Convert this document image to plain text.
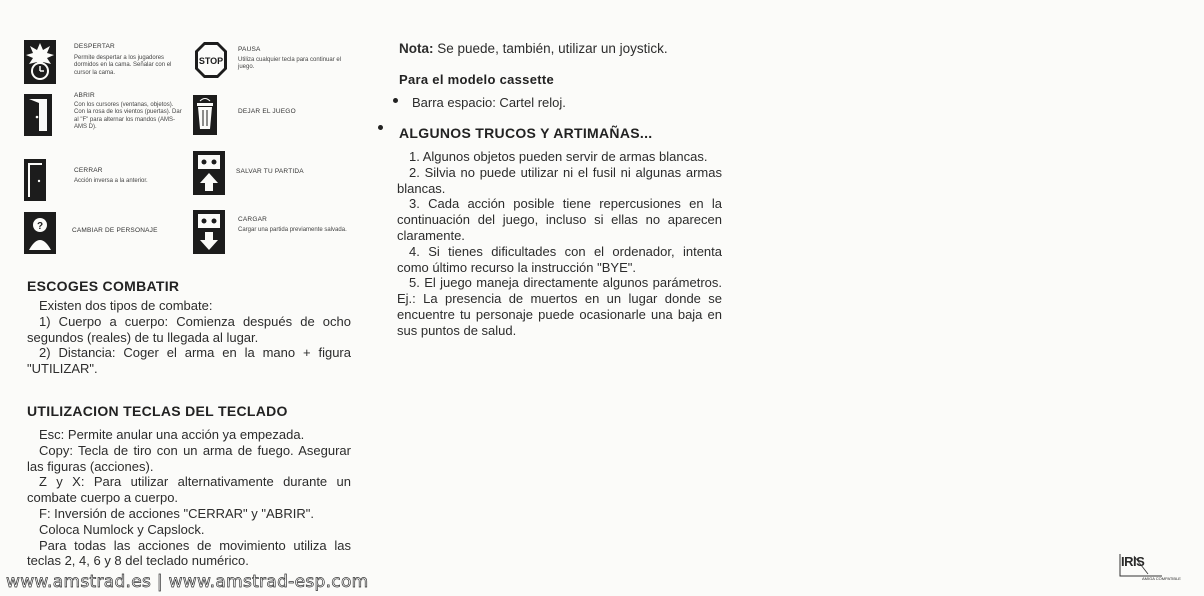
DESPERTAR
Permite despertar a los jugadores dormidos en la cama. Señalar con el cursor la cama.
STOP
PAUSA
Utiliza cualquier tecla para continuar el juego.
ABRIR
Con los cursores (ventanas, objetos). Con la rosa de los vientos (puertas). Dar al "F" para alternar los mandos (AMS-AMS D).
DEJAR EL JUEGO
CERRAR
Acción inversa a la anterior.
SALVAR TU PARTIDA
?	CAMBIAR DE PERSONAJE
CARGAR
Cargar una partida previamente salvada.
ESCOGES COMBATIR
Existen dos tipos de combate:
1) Cuerpo a cuerpo: Comienza después de ocho segundos (reales) de tu llegada al lugar.
2) Distancia: Coger el arma en la mano + figura "UTILIZAR".
UTILIZACION TECLAS DEL TECLADO
Esc: Permite anular una acción ya empezada.
Copy: Tecla de tiro con un arma de fuego. Asegurar las figuras (acciones).
Z y X: Para utilizar alternativamente durante un combate cuerpo a cuerpo.
F: Inversión de acciones "CERRAR" y "ABRIR".
Coloca Numlock y Capslock.
Para todas las acciones de movimiento utiliza las teclas 2, 4, 6 y 8 del teclado numérico.
Nota: Se puede, también, utilizar un joystick.
Para el modelo cassette
Barra espacio: Cartel reloj.
ALGUNOS TRUCOS Y ARTIMAÑAS...
1. Algunos objetos pueden servir de armas blancas.
2. Silvia no puede utilizar ni el fusil ni algunas armas blancas.
3. Cada acción posible tiene repercusiones en la continuación del juego, incluso si ellas no aparecen claramente.
4. Si tienes dificultades con el ordenador, intenta como último recurso la instrucción "BYE".
5. El juego maneja directamente algunos parámetros. Ej.: La presencia de muertos en un lugar donde se encuentre tu personaje puede ocasionarle una baja en sus puntos de salud.
IRIS
AMIGA COMPATIBLE
www.amstrad.es | www.amstrad-esp.com
